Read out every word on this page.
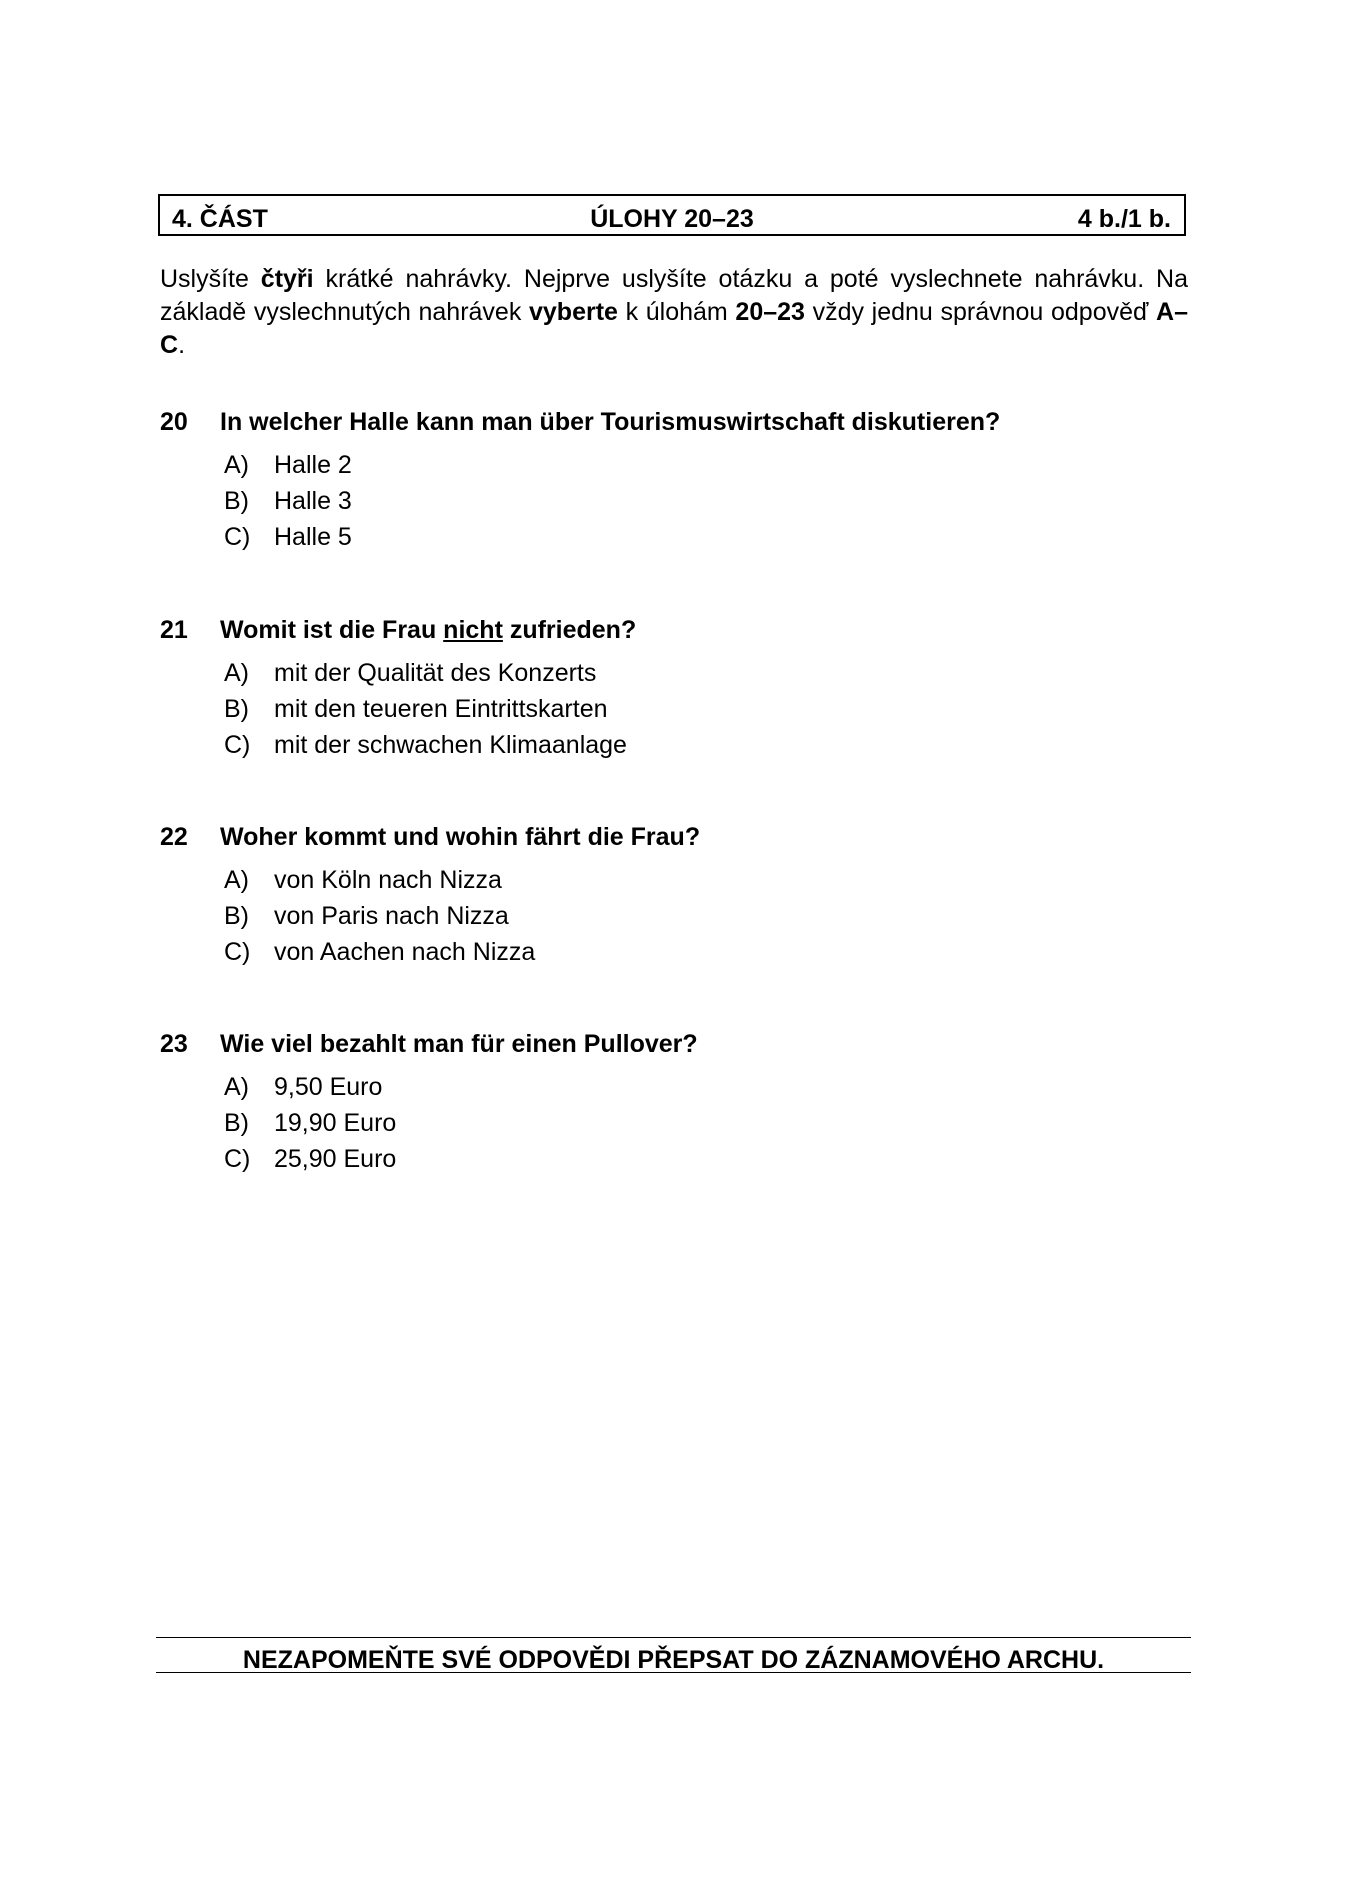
4. ČÁST	ÚLOHY 20–23	4 b./1 b.

Uslyšíte čtyři krátké nahrávky. Nejprve uslyšíte otázku a poté vyslechnete nahrávku. Na základě vyslechnutých nahrávek vyberte k úlohám 20–23 vždy jednu správnou odpověď A–C.

20 In welcher Halle kann man über Tourismuswirtschaft diskutieren?
A) Halle 2
B) Halle 3
C) Halle 5
21 Womit ist die Frau nicht zufrieden?
A) mit der Qualität des Konzerts
B) mit den teueren Eintrittskarten
C) mit der schwachen Klimaanlage
22 Woher kommt und wohin fährt die Frau?
A) von Köln nach Nizza
B) von Paris nach Nizza
C) von Aachen nach Nizza
23 Wie viel bezahlt man für einen Pullover?
A) 9,50 Euro
B) 19,90 Euro
C) 25,90 Euro
NEZAPOMEŇTE SVÉ ODPOVĚDI PŘEPSAT DO ZÁZNAMOVÉHO ARCHU.
